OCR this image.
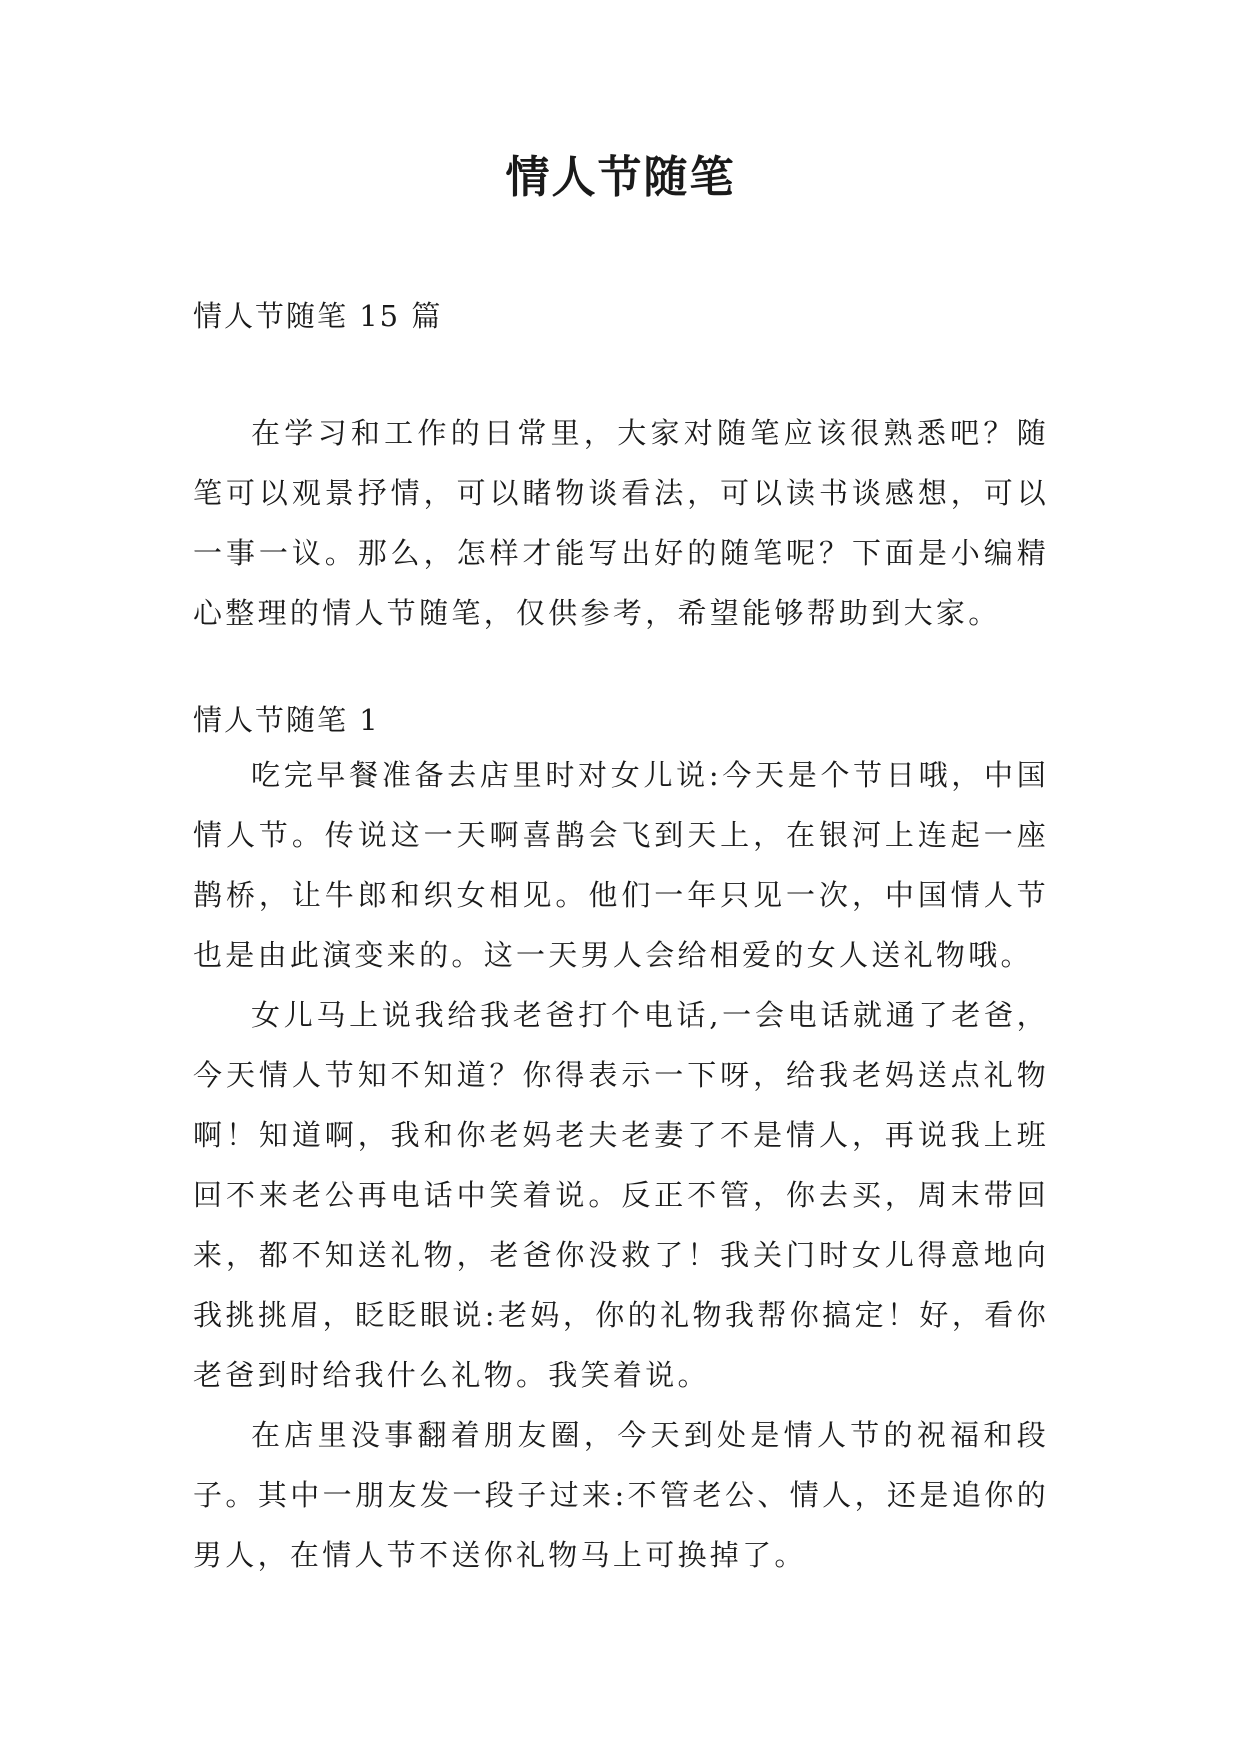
情人节随笔
情人节随笔 15 篇

在学习和工作的日常里，大家对随笔应该很熟悉吧？随笔可以观景抒情，可以睹物谈看法，可以读书谈感想，可以一事一议。那么，怎样才能写出好的随笔呢？下面是小编精心整理的情人节随笔，仅供参考，希望能够帮助到大家。

情人节随笔 1

吃完早餐准备去店里时对女儿说:今天是个节日哦，中国情人节。传说这一天啊喜鹊会飞到天上，在银河上连起一座鹊桥，让牛郎和织女相见。他们一年只见一次，中国情人节也是由此演变来的。这一天男人会给相爱的女人送礼物哦。

女儿马上说我给我老爸打个电话,一会电话就通了老爸，今天情人节知不知道？你得表示一下呀，给我老妈送点礼物啊！知道啊，我和你老妈老夫老妻了不是情人，再说我上班回不来老公再电话中笑着说。反正不管，你去买，周末带回来，都不知送礼物，老爸你没救了！我关门时女儿得意地向我挑挑眉，眨眨眼说:老妈，你的礼物我帮你搞定！好，看你老爸到时给我什么礼物。我笑着说。

在店里没事翻着朋友圈，今天到处是情人节的祝福和段子。其中一朋友发一段子过来:不管老公、情人，还是追你的男人，在情人节不送你礼物马上可换掉了。
